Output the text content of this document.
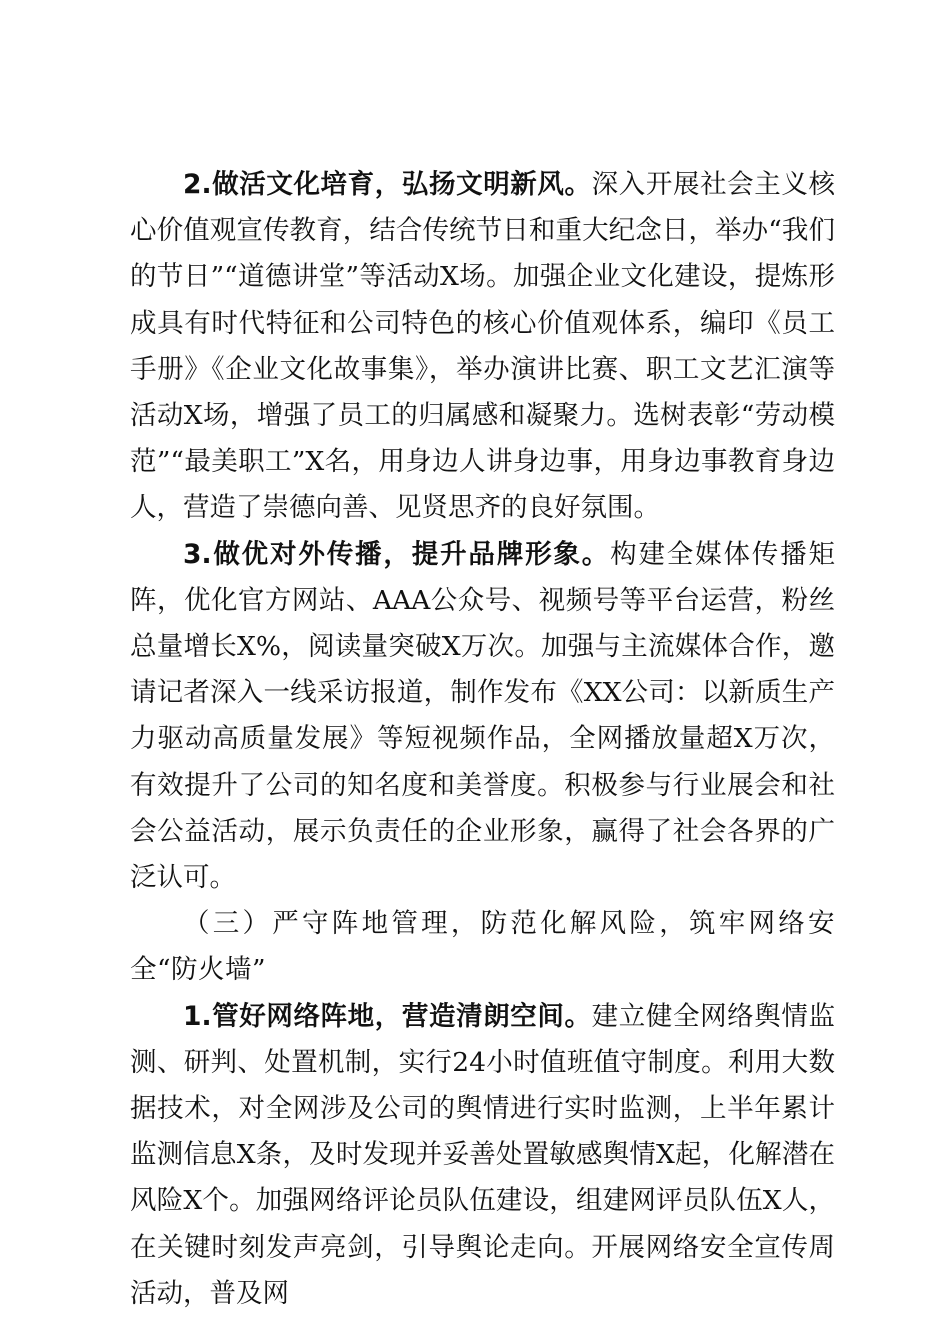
2.做活文化培育，弘扬文明新风。深入开展社会主义核心价值观宣传教育，结合传统节日和重大纪念日，举办“我们的节日”“道德讲堂”等活动X场。加强企业文化建设，提炼形成具有时代特征和公司特色的核心价值观体系，编印《员工手册》《企业文化故事集》，举办演讲比赛、职工文艺汇演等活动X场，增强了员工的归属感和凝聚力。选树表彰“劳动模范”“最美职工”X名，用身边人讲身边事，用身边事教育身边人，营造了崇德向善、见贤思齐的良好氛围。

3.做优对外传播，提升品牌形象。构建全媒体传播矩阵，优化官方网站、AAA公众号、视频号等平台运营，粉丝总量增长X%，阅读量突破X万次。加强与主流媒体合作，邀请记者深入一线采访报道，制作发布《XX公司：以新质生产力驱动高质量发展》等短视频作品，全网播放量超X万次，有效提升了公司的知名度和美誉度。积极参与行业展会和社会公益活动，展示负责任的企业形象，赢得了社会各界的广泛认可。

（三）严守阵地管理，防范化解风险，筑牢网络安全“防火墙”

1.管好网络阵地，营造清朗空间。建立健全网络舆情监测、研判、处置机制，实行24小时值班值守制度。利用大数据技术，对全网涉及公司的舆情进行实时监测，上半年累计监测信息X条，及时发现并妥善处置敏感舆情X起，化解潜在风险X个。加强网络评论员队伍建设，组建网评员队伍X人，在关键时刻发声亮剑，引导舆论走向。开展网络安全宣传周活动，普及网
